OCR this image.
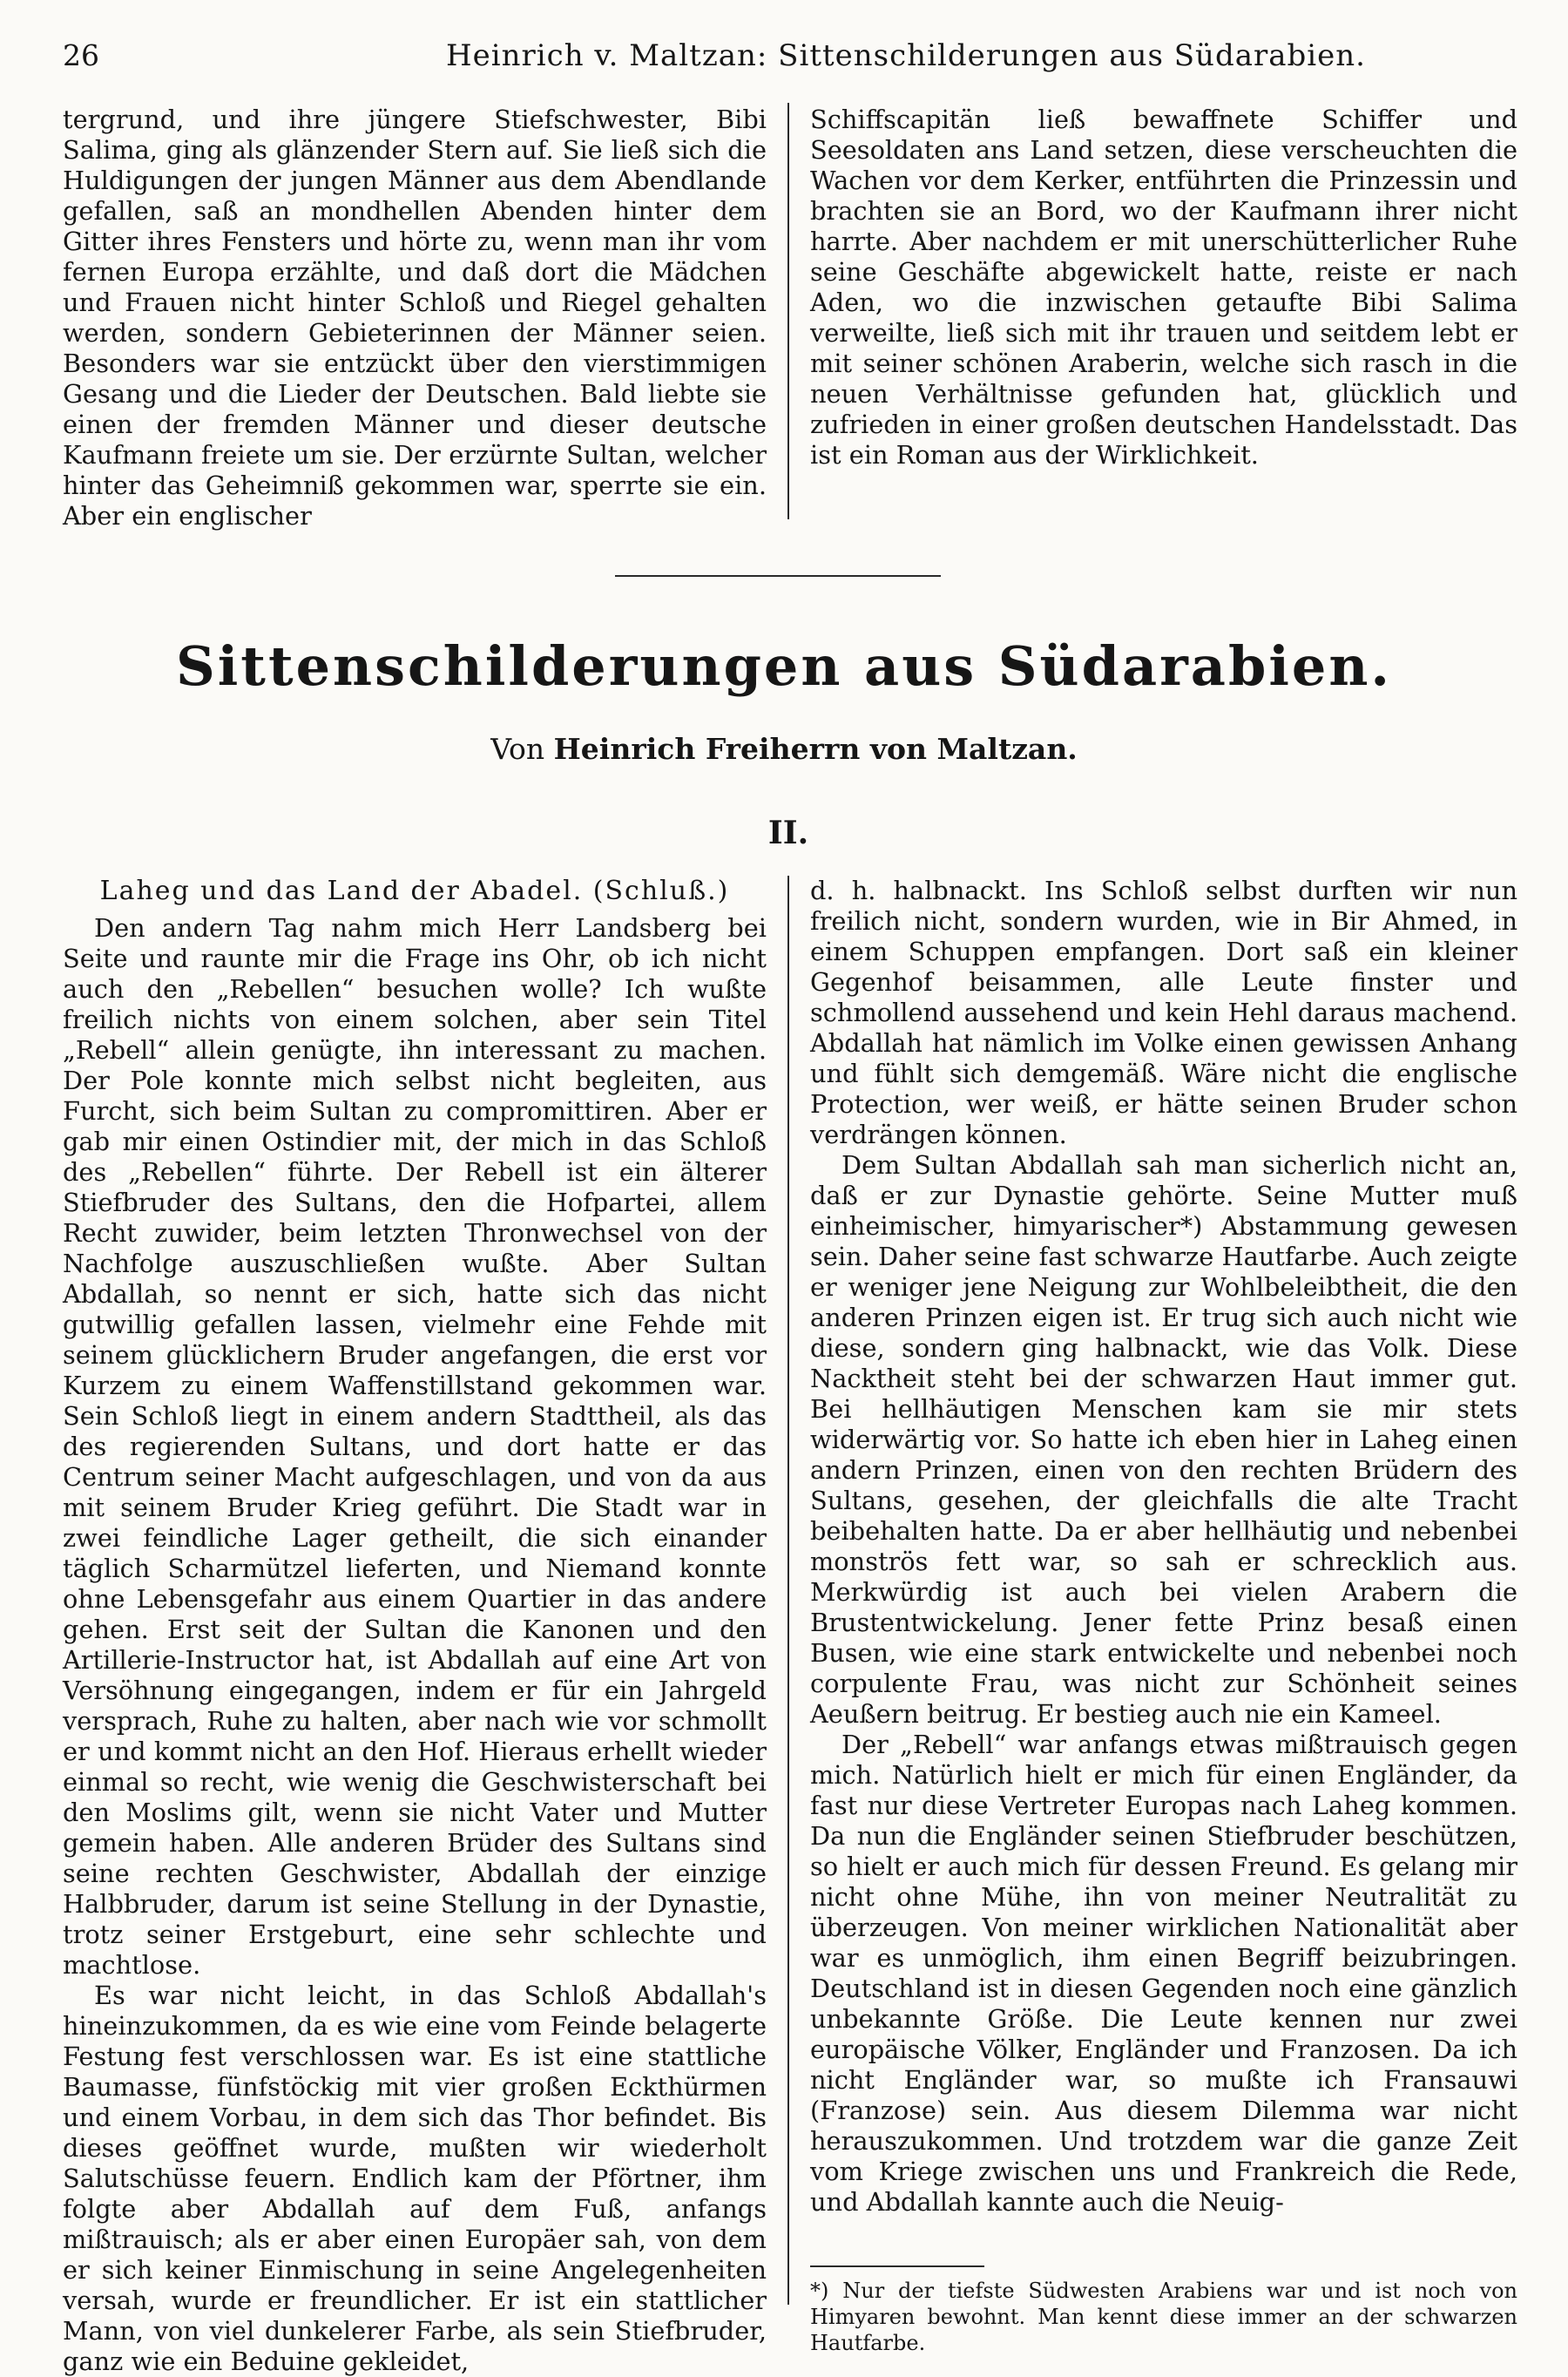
26	Heinrich v. Maltzan: Sittenschilderungen aus Südarabien.

tergrund, und ihre jüngere Stiefschwester, Bibi Salima, ging als glänzender Stern auf. Sie ließ sich die Huldigungen der jungen Männer aus dem Abendlande gefallen, saß an mondhellen Abenden hinter dem Gitter ihres Fensters und hörte zu, wenn man ihr vom fernen Europa erzählte, und daß dort die Mädchen und Frauen nicht hinter Schloß und Riegel gehalten werden, sondern Gebieterinnen der Männer seien. Besonders war sie entzückt über den vierstimmigen Gesang und die Lieder der Deutschen. Bald liebte sie einen der fremden Männer und dieser deutsche Kaufmann freiete um sie. Der erzürnte Sultan, welcher hinter das Geheimniß gekommen war, sperrte sie ein. Aber ein englischer

Schiffscapitän ließ bewaffnete Schiffer und Seesoldaten ans Land setzen, diese verscheuchten die Wachen vor dem Kerker, entführten die Prinzessin und brachten sie an Bord, wo der Kaufmann ihrer nicht harrte. Aber nachdem er mit unerschütterlicher Ruhe seine Geschäfte abgewickelt hatte, reiste er nach Aden, wo die inzwischen getaufte Bibi Salima verweilte, ließ sich mit ihr trauen und seitdem lebt er mit seiner schönen Araberin, welche sich rasch in die neuen Verhältnisse gefunden hat, glücklich und zufrieden in einer großen deutschen Handelsstadt. Das ist ein Roman aus der Wirklichkeit.

Sittenschilderungen aus Südarabien.
Von Heinrich Freiherrn von Maltzan.
II.

Laheg und das Land der Abadel. (Schluß.)

Den andern Tag nahm mich Herr Landsberg bei Seite und raunte mir die Frage ins Ohr, ob ich nicht auch den „Rebellen“ besuchen wolle? Ich wußte freilich nichts von einem solchen, aber sein Titel „Rebell“ allein genügte, ihn interessant zu machen. Der Pole konnte mich selbst nicht begleiten, aus Furcht, sich beim Sultan zu compromittiren. Aber er gab mir einen Ostindier mit, der mich in das Schloß des „Rebellen“ führte. Der Rebell ist ein älterer Stiefbruder des Sultans, den die Hofpartei, allem Recht zuwider, beim letzten Thronwechsel von der Nachfolge auszuschließen wußte. Aber Sultan Abdallah, so nennt er sich, hatte sich das nicht gutwillig gefallen lassen, vielmehr eine Fehde mit seinem glücklichern Bruder angefangen, die erst vor Kurzem zu einem Waffenstillstand gekommen war. Sein Schloß liegt in einem andern Stadttheil, als das des regierenden Sultans, und dort hatte er das Centrum seiner Macht aufgeschlagen, und von da aus mit seinem Bruder Krieg geführt. Die Stadt war in zwei feindliche Lager getheilt, die sich einander täglich Scharmützel lieferten, und Niemand konnte ohne Lebensgefahr aus einem Quartier in das andere gehen. Erst seit der Sultan die Kanonen und den Artillerie-Instructor hat, ist Abdallah auf eine Art von Versöhnung eingegangen, indem er für ein Jahrgeld versprach, Ruhe zu halten, aber nach wie vor schmollt er und kommt nicht an den Hof. Hieraus erhellt wieder einmal so recht, wie wenig die Geschwisterschaft bei den Moslims gilt, wenn sie nicht Vater und Mutter gemein haben. Alle anderen Brüder des Sultans sind seine rechten Geschwister, Abdallah der einzige Halbbruder, darum ist seine Stellung in der Dynastie, trotz seiner Erstgeburt, eine sehr schlechte und machtlose.

Es war nicht leicht, in das Schloß Abdallah's hineinzukommen, da es wie eine vom Feinde belagerte Festung fest verschlossen war. Es ist eine stattliche Baumasse, fünfstöckig mit vier großen Eckthürmen und einem Vorbau, in dem sich das Thor befindet. Bis dieses geöffnet wurde, mußten wir wiederholt Salutschüsse feuern. Endlich kam der Pförtner, ihm folgte aber Abdallah auf dem Fuß, anfangs mißtrauisch; als er aber einen Europäer sah, von dem er sich keiner Einmischung in seine Angelegenheiten versah, wurde er freundlicher. Er ist ein stattlicher Mann, von viel dunkelerer Farbe, als sein Stiefbruder, ganz wie ein Beduine gekleidet,

d. h. halbnackt. Ins Schloß selbst durften wir nun freilich nicht, sondern wurden, wie in Bir Ahmed, in einem Schuppen empfangen. Dort saß ein kleiner Gegenhof beisammen, alle Leute finster und schmollend aussehend und kein Hehl daraus machend. Abdallah hat nämlich im Volke einen gewissen Anhang und fühlt sich demgemäß. Wäre nicht die englische Protection, wer weiß, er hätte seinen Bruder schon verdrängen können.

Dem Sultan Abdallah sah man sicherlich nicht an, daß er zur Dynastie gehörte. Seine Mutter muß einheimischer, himyarischer*) Abstammung gewesen sein. Daher seine fast schwarze Hautfarbe. Auch zeigte er weniger jene Neigung zur Wohlbeleibtheit, die den anderen Prinzen eigen ist. Er trug sich auch nicht wie diese, sondern ging halbnackt, wie das Volk. Diese Nacktheit steht bei der schwarzen Haut immer gut. Bei hellhäutigen Menschen kam sie mir stets widerwärtig vor. So hatte ich eben hier in Laheg einen andern Prinzen, einen von den rechten Brüdern des Sultans, gesehen, der gleichfalls die alte Tracht beibehalten hatte. Da er aber hellhäutig und nebenbei monströs fett war, so sah er schrecklich aus. Merkwürdig ist auch bei vielen Arabern die Brustentwickelung. Jener fette Prinz besaß einen Busen, wie eine stark entwickelte und nebenbei noch corpulente Frau, was nicht zur Schönheit seines Aeußern beitrug. Er bestieg auch nie ein Kameel.

Der „Rebell“ war anfangs etwas mißtrauisch gegen mich. Natürlich hielt er mich für einen Engländer, da fast nur diese Vertreter Europas nach Laheg kommen. Da nun die Engländer seinen Stiefbruder beschützen, so hielt er auch mich für dessen Freund. Es gelang mir nicht ohne Mühe, ihn von meiner Neutralität zu überzeugen. Von meiner wirklichen Nationalität aber war es unmöglich, ihm einen Begriff beizubringen. Deutschland ist in diesen Gegenden noch eine gänzlich unbekannte Größe. Die Leute kennen nur zwei europäische Völker, Engländer und Franzosen. Da ich nicht Engländer war, so mußte ich Fransauwi (Franzose) sein. Aus diesem Dilemma war nicht herauszukommen. Und trotzdem war die ganze Zeit vom Kriege zwischen uns und Frankreich die Rede, und Abdallah kannte auch die Neuig-

*) Nur der tiefste Südwesten Arabiens war und ist noch von Himyaren bewohnt. Man kennt diese immer an der schwarzen Hautfarbe.
